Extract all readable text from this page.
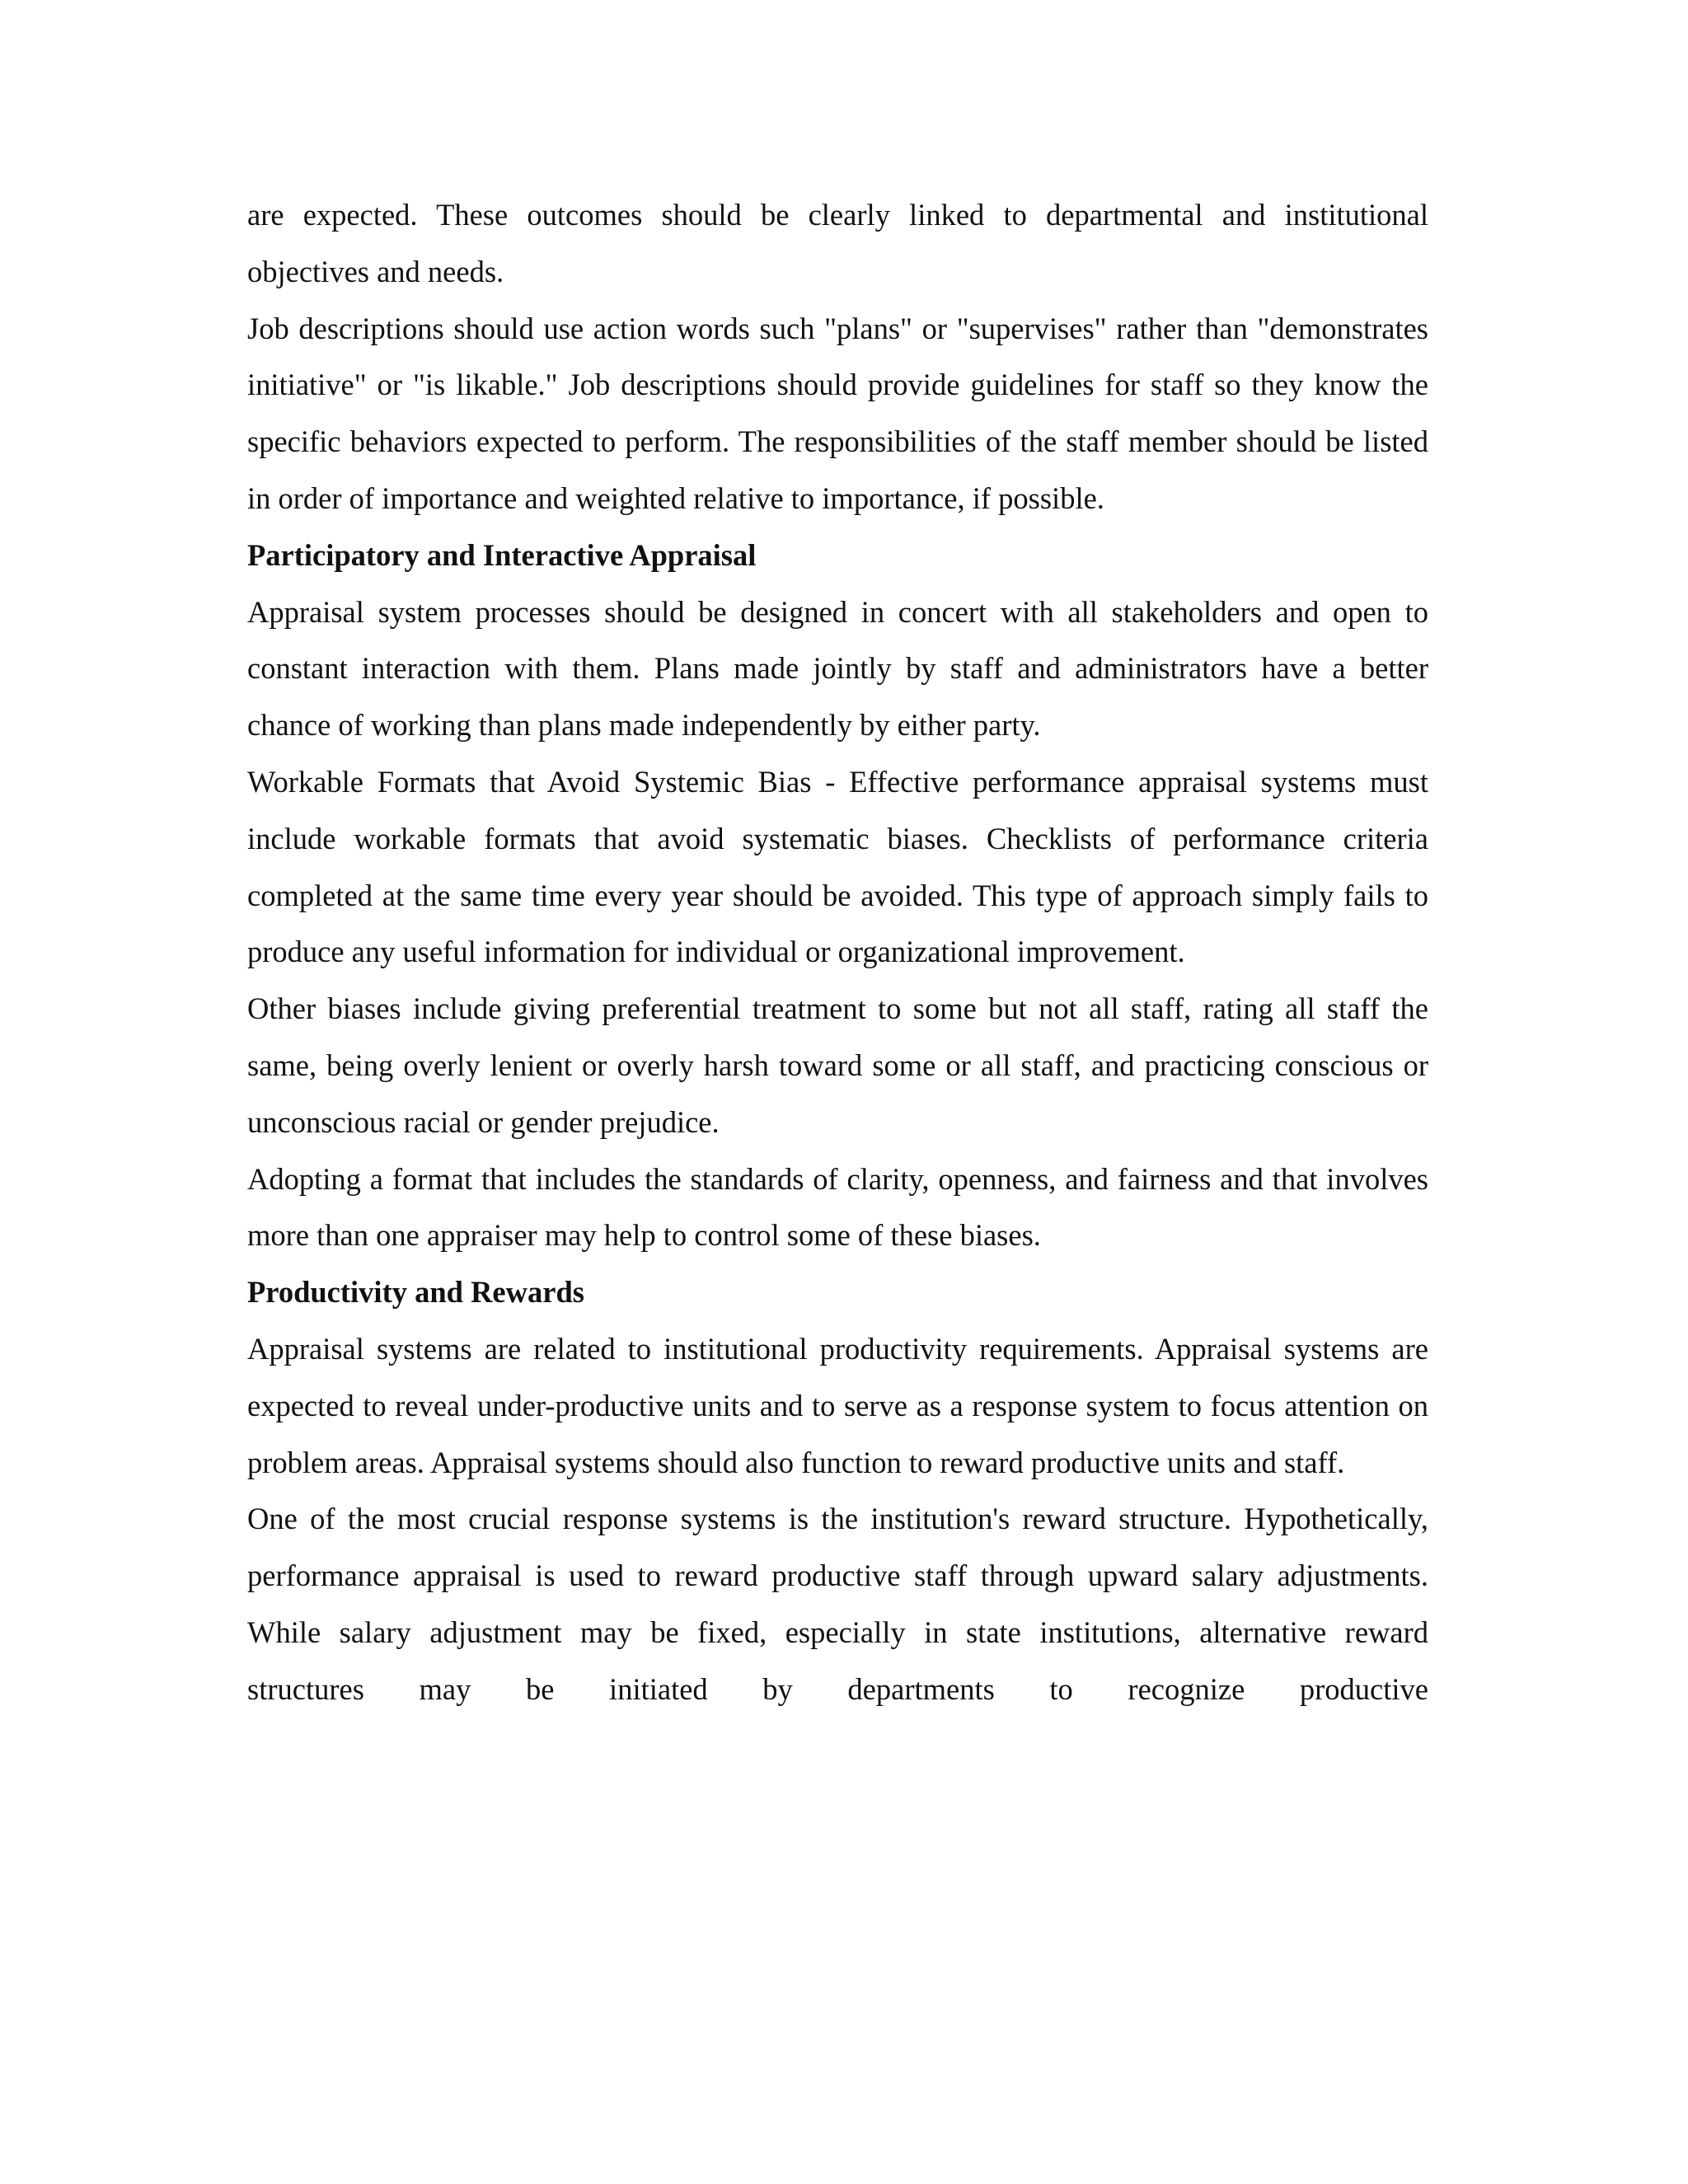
are expected. These outcomes should be clearly linked to departmental and institutional objectives and needs.

Job descriptions should use action words such "plans" or "supervises" rather than "demonstrates initiative" or "is likable." Job descriptions should provide guidelines for staff so they know the specific behaviors expected to perform. The responsibilities of the staff member should be listed in order of importance and weighted relative to importance, if possible.

Participatory and Interactive Appraisal

Appraisal system processes should be designed in concert with all stakeholders and open to constant interaction with them. Plans made jointly by staff and administrators have a better chance of working than plans made independently by either party.

Workable Formats that Avoid Systemic Bias - Effective performance appraisal systems must include workable formats that avoid systematic biases. Checklists of performance criteria completed at the same time every year should be avoided. This type of approach simply fails to produce any useful information for individual or organizational improvement.

Other biases include giving preferential treatment to some but not all staff, rating all staff the same, being overly lenient or overly harsh toward some or all staff, and practicing conscious or unconscious racial or gender prejudice.

Adopting a format that includes the standards of clarity, openness, and fairness and that involves more than one appraiser may help to control some of these biases.

Productivity and Rewards

Appraisal systems are related to institutional productivity requirements. Appraisal systems are expected to reveal under-productive units and to serve as a response system to focus attention on problem areas. Appraisal systems should also function to reward productive units and staff.

One of the most crucial response systems is the institution's reward structure. Hypothetically, performance appraisal is used to reward productive staff through upward salary adjustments. While salary adjustment may be fixed, especially in state institutions, alternative reward structures may be initiated by departments to recognize productive
